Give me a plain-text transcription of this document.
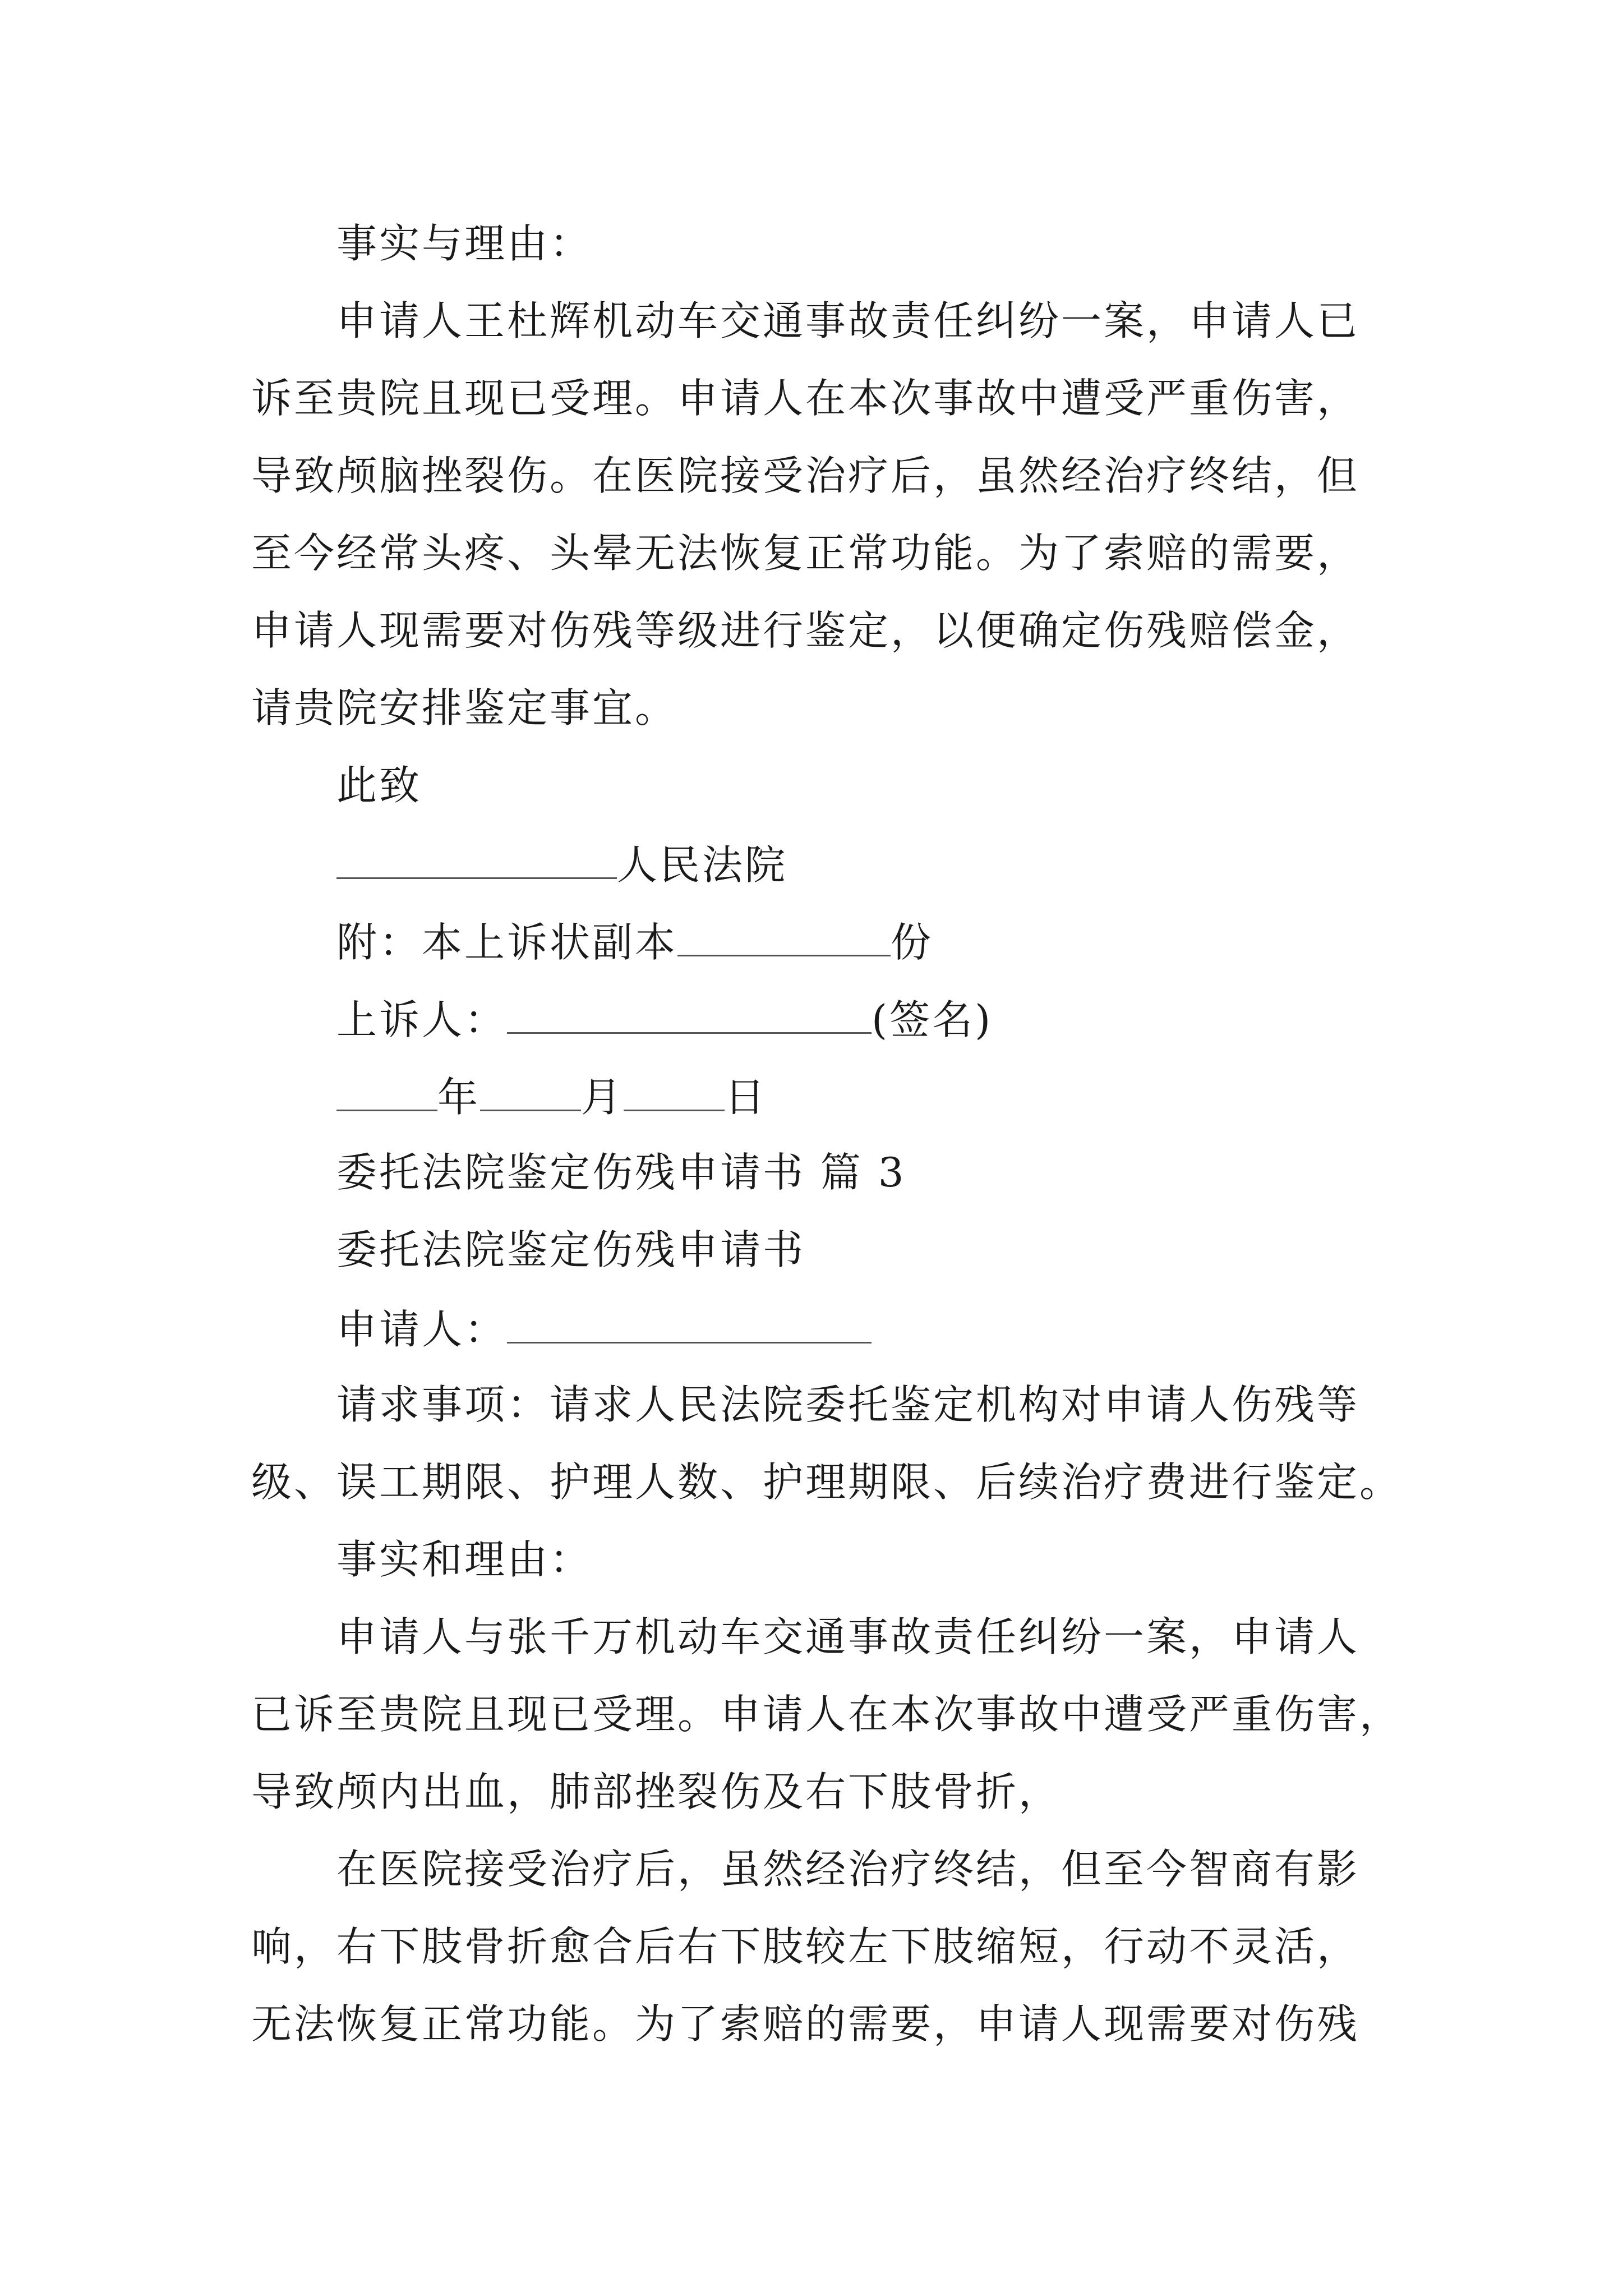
事实与理由：
申请人王杜辉机动车交通事故责任纠纷一案，申请人已
诉至贵院且现已受理。申请人在本次事故中遭受严重伤害，
导致颅脑挫裂伤。在医院接受治疗后，虽然经治疗终结，但
至今经常头疼、头晕无法恢复正常功能。为了索赔的需要，
申请人现需要对伤残等级进行鉴定，以便确定伤残赔偿金，
请贵院安排鉴定事宜。
此致
人民法院
附：本上诉状副本	份
上诉人：	(签名)
年	月	日
委托法院鉴定伤残申请书 篇 3
委托法院鉴定伤残申请书
申请人：
请求事项：请求人民法院委托鉴定机构对申请人伤残等
级、误工期限、护理人数、护理期限、后续治疗费进行鉴定。
事实和理由：
申请人与张千万机动车交通事故责任纠纷一案，申请人
已诉至贵院且现已受理。申请人在本次事故中遭受严重伤害，
导致颅内出血，肺部挫裂伤及右下肢骨折，
在医院接受治疗后，虽然经治疗终结，但至今智商有影
响，右下肢骨折愈合后右下肢较左下肢缩短，行动不灵活，
无法恢复正常功能。为了索赔的需要，申请人现需要对伤残
